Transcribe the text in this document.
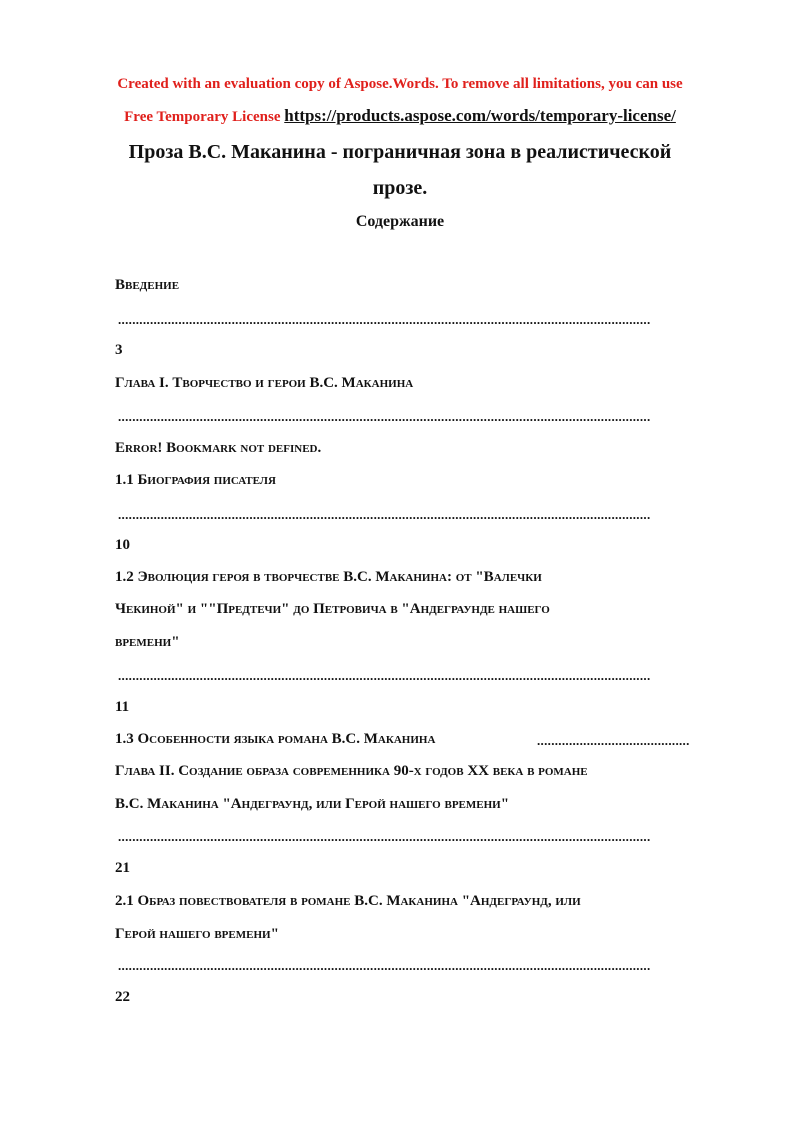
Created with an evaluation copy of Aspose.Words. To remove all limitations, you can use
Free Temporary License https://products.aspose.com/words/temporary-license/
Проза В.С. Маканина - пограничная зона в реалистической
прозе.
Содержание
Введение
......................................................................................................................................................
3
Глава I. Творчество и герои В.С. Маканина
......................................................................................................................................................
Error! Bookmark not defined.
1.1 Биография писателя
......................................................................................................................................................
10
1.2 Эволюция героя в творчестве В.С. Маканина: от "Валечки
Чекиной" и ""Предтечи" до Петровича в "Андеграунде нашего
времени"
......................................................................................................................................................
11
1.3 Особенности языка романа В.С. Маканина	...........................................
Глава II. Создание образа современника 90-х годов XX века в романе
В.С. Маканина "Андеграунд, или Герой нашего времени"
......................................................................................................................................................
21
2.1 Образ повествователя в романе В.С. Маканина "Андеграунд, или
Герой нашего времени"
......................................................................................................................................................
22
